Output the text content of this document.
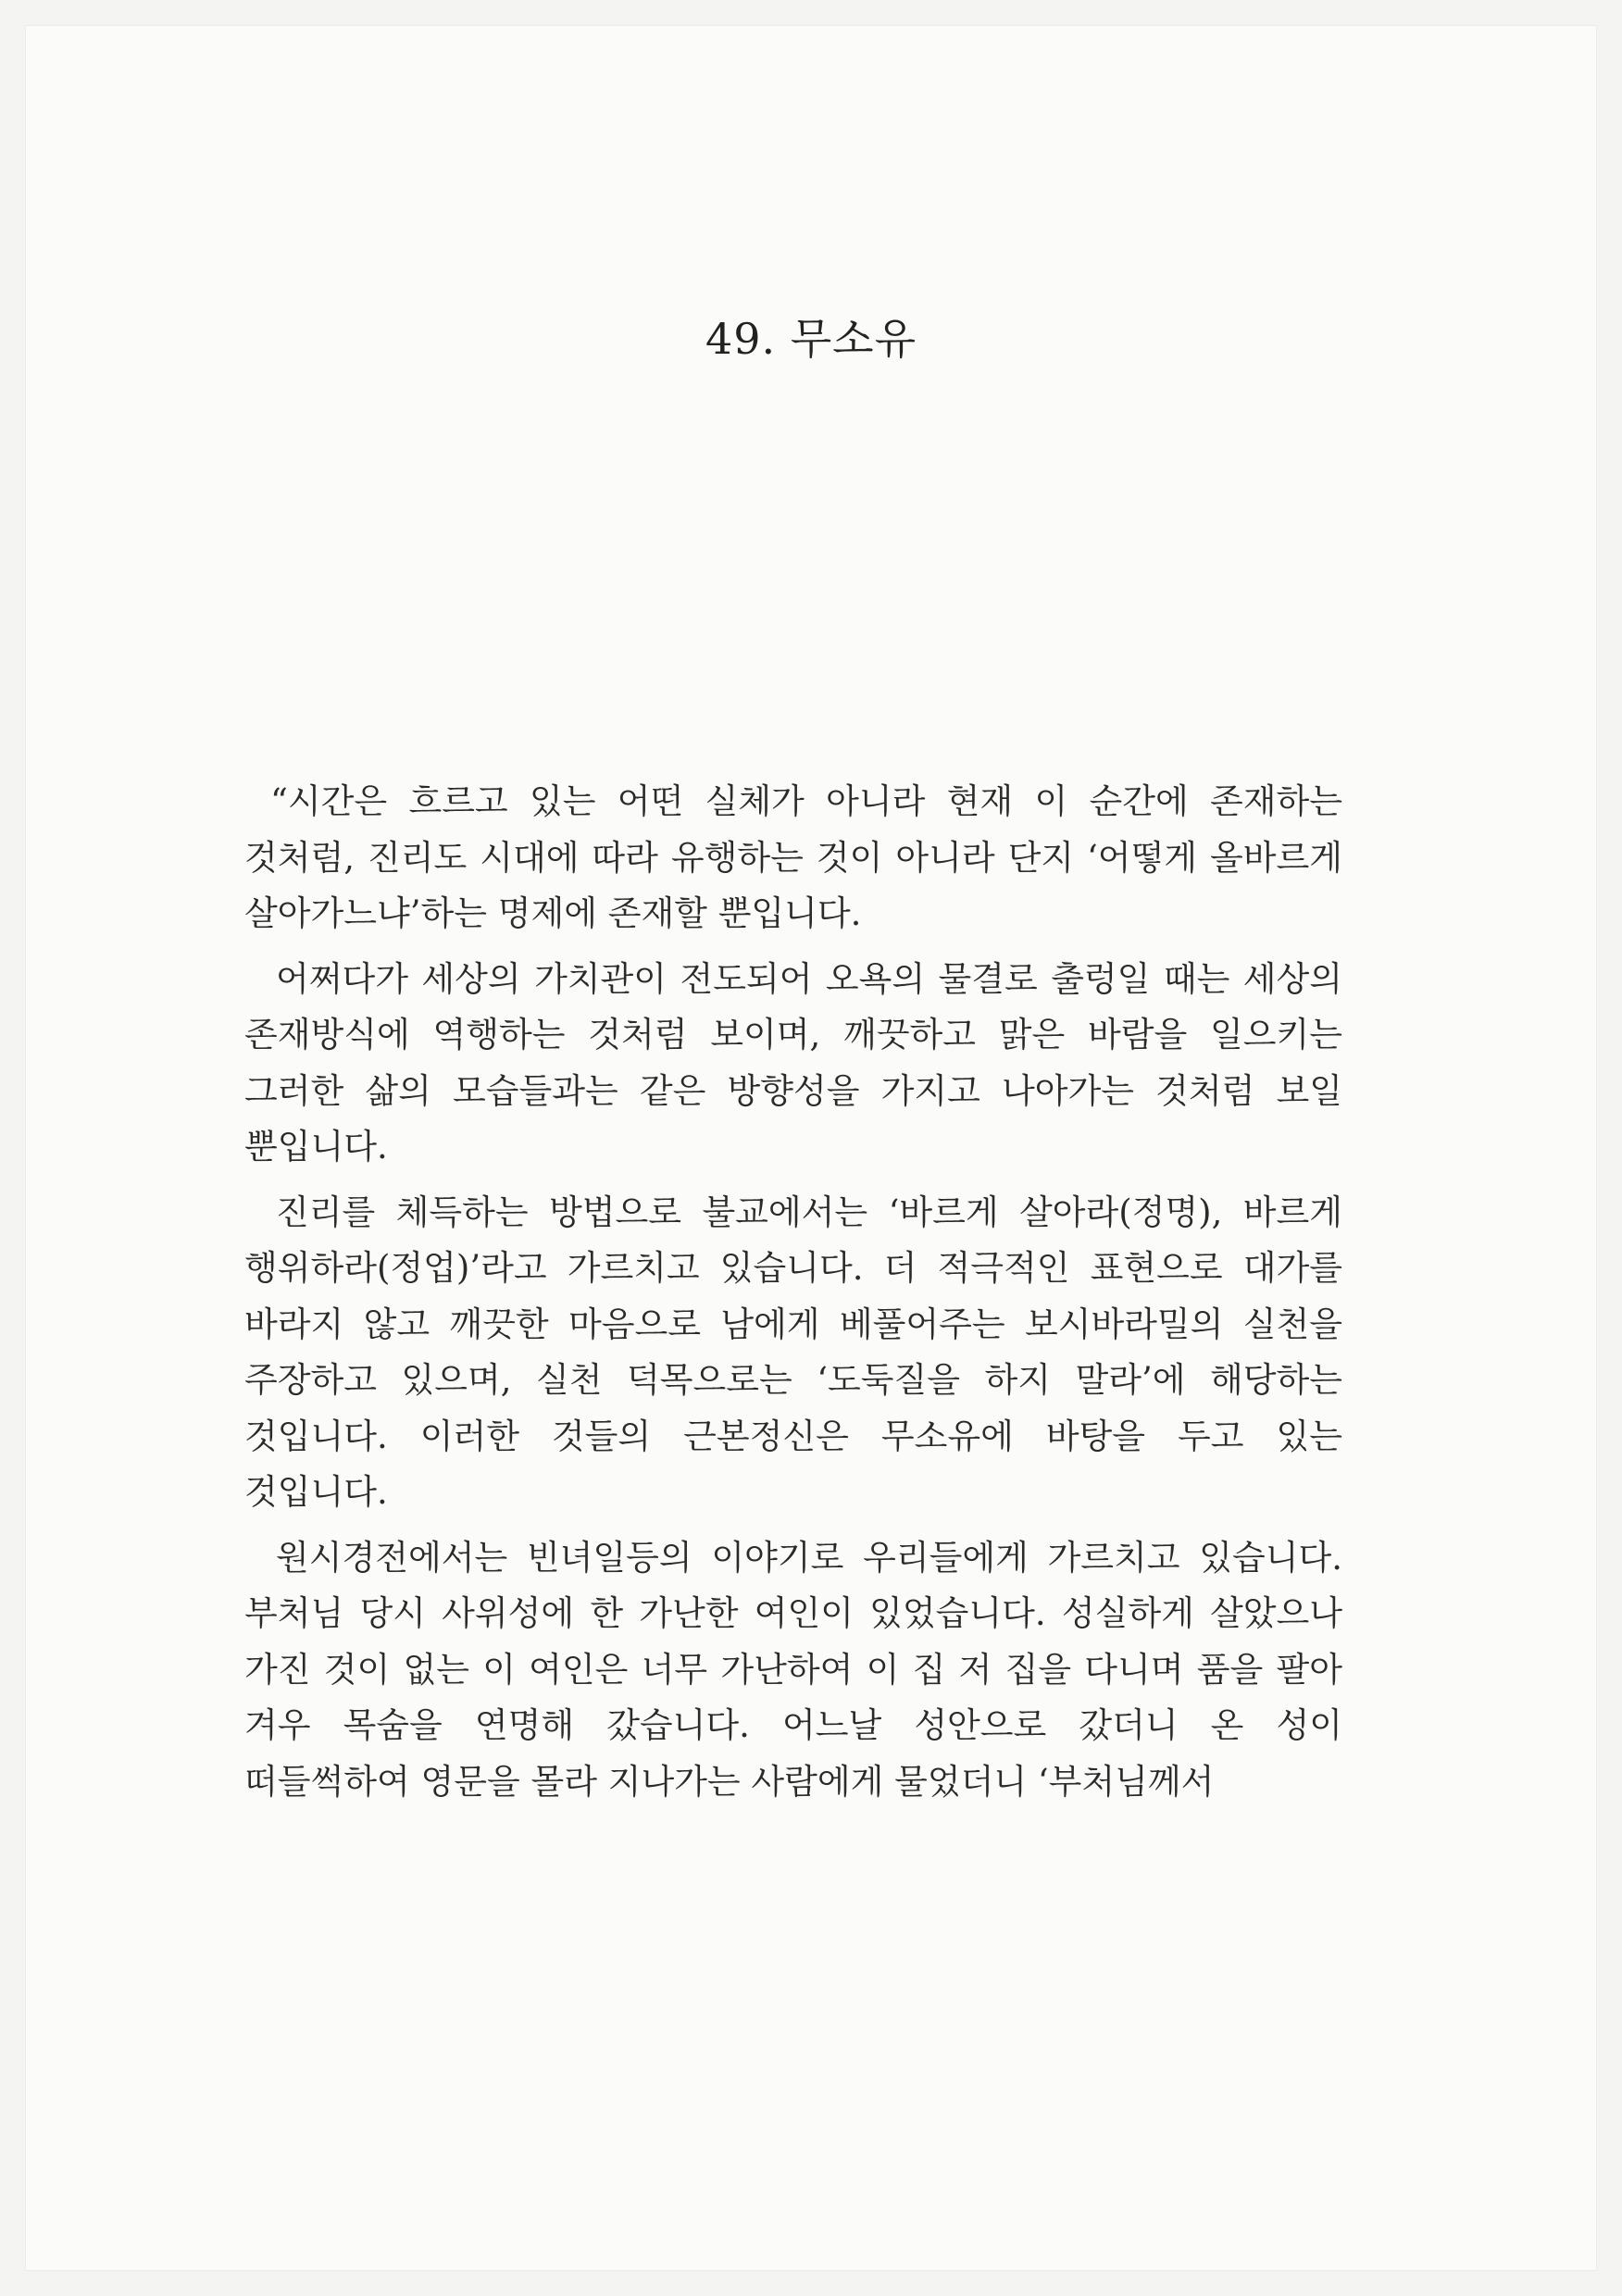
49. 무소유

“시간은 흐르고 있는 어떤 실체가 아니라 현재 이 순간에 존재하는 것처럼, 진리도 시대에 따라 유행하는 것이 아니라 단지 ‘어떻게 올바르게 살아가느냐’하는 명제에 존재할 뿐입니다.

어쩌다가 세상의 가치관이 전도되어 오욕의 물결로 출렁일 때는 세상의 존재방식에 역행하는 것처럼 보이며, 깨끗하고 맑은 바람을 일으키는 그러한 삶의 모습들과는 같은 방향성을 가지고 나아가는 것처럼 보일 뿐입니다.

진리를 체득하는 방법으로 불교에서는 ‘바르게 살아라(정명), 바르게 행위하라(정업)’라고 가르치고 있습니다. 더 적극적인 표현으로 대가를 바라지 않고 깨끗한 마음으로 남에게 베풀어주는 보시바라밀의 실천을 주장하고 있으며, 실천 덕목으로는 ‘도둑질을 하지 말라’에 해당하는 것입니다. 이러한 것들의 근본정신은 무소유에 바탕을 두고 있는 것입니다.

원시경전에서는 빈녀일등의 이야기로 우리들에게 가르치고 있습니다. 부처님 당시 사위성에 한 가난한 여인이 있었습니다. 성실하게 살았으나 가진 것이 없는 이 여인은 너무 가난하여 이 집 저 집을 다니며 품을 팔아 겨우 목숨을 연명해 갔습니다. 어느날 성안으로 갔더니 온 성이 떠들썩하여 영문을 몰라 지나가는 사람에게 물었더니 ‘부처님께서
